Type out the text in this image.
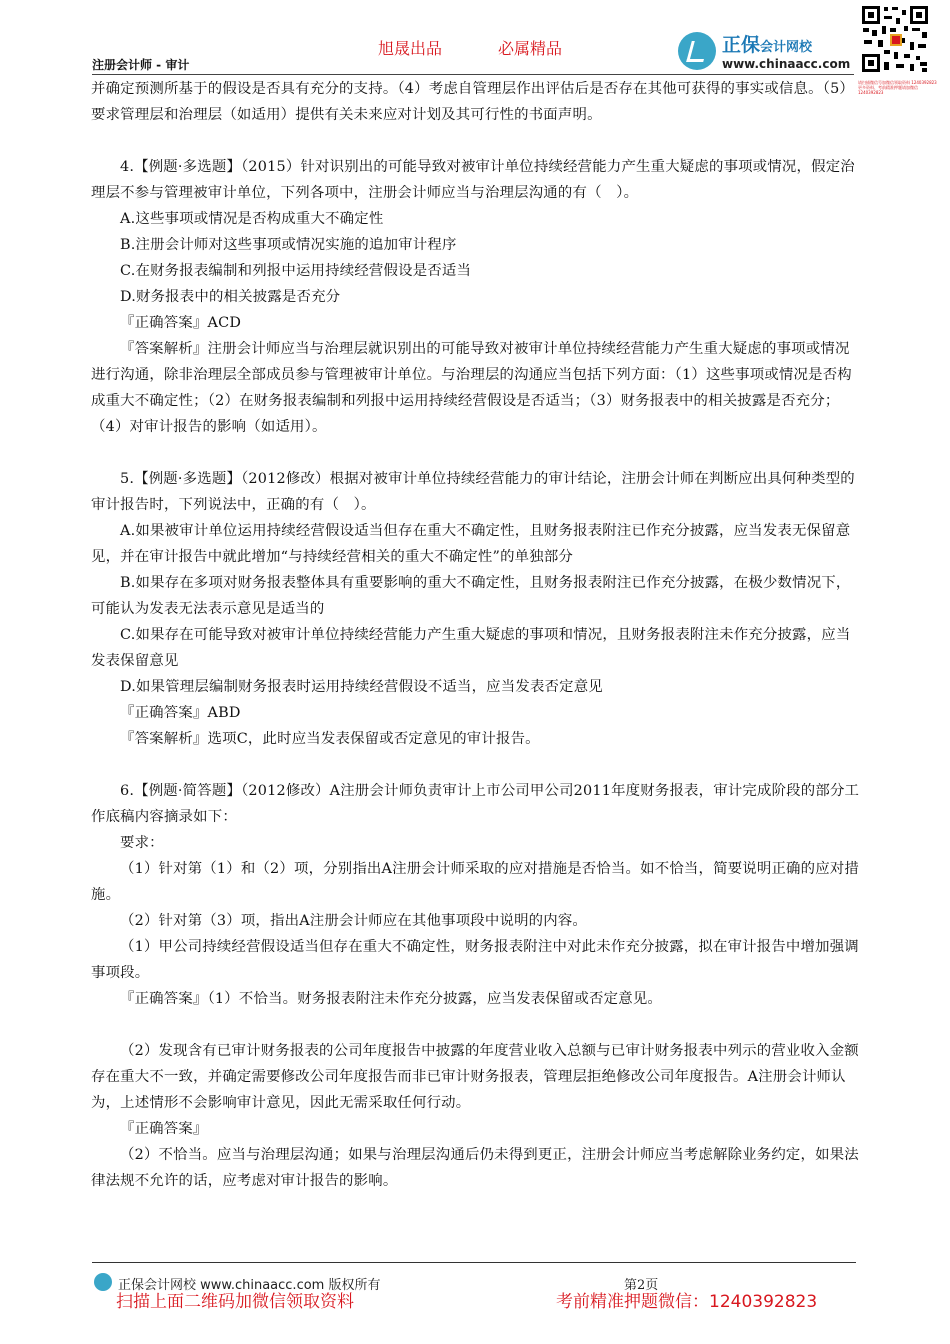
旭晟出品	必属精品
注册会计师 - 审计
正保会计网校
www.chinaacc.com
请扫描微信号加微信领取资料 1240392823 更多资料、考前精准押题请加微信 1240392823
并确定预测所基于的假设是否具有充分的支持。（4）考虑自管理层作出评估后是否存在其他可获得的事实或信息。（5）要求管理层和治理层（如适用）提供有关未来应对计划及其可行性的书面声明。
4.【例题·多选题】（2015）针对识别出的可能导致对被审计单位持续经营能力产生重大疑虑的事项或情况，假定治理层不参与管理被审计单位，下列各项中，注册会计师应当与治理层沟通的有（　）。
A.这些事项或情况是否构成重大不确定性
B.注册会计师对这些事项或情况实施的追加审计程序
C.在财务报表编制和列报中运用持续经营假设是否适当
D.财务报表中的相关披露是否充分
『正确答案』ACD
『答案解析』注册会计师应当与治理层就识别出的可能导致对被审计单位持续经营能力产生重大疑虑的事项或情况进行沟通，除非治理层全部成员参与管理被审计单位。与治理层的沟通应当包括下列方面：（1）这些事项或情况是否构成重大不确定性；（2）在财务报表编制和列报中运用持续经营假设是否适当；（3）财务报表中的相关披露是否充分；（4）对审计报告的影响（如适用）。
5.【例题·多选题】（2012修改）根据对被审计单位持续经营能力的审计结论，注册会计师在判断应出具何种类型的审计报告时，下列说法中，正确的有（　）。
A.如果被审计单位运用持续经营假设适当但存在重大不确定性，且财务报表附注已作充分披露，应当发表无保留意见，并在审计报告中就此增加“与持续经营相关的重大不确定性”的单独部分
B.如果存在多项对财务报表整体具有重要影响的重大不确定性，且财务报表附注已作充分披露，在极少数情况下，可能认为发表无法表示意见是适当的
C.如果存在可能导致对被审计单位持续经营能力产生重大疑虑的事项和情况，且财务报表附注未作充分披露，应当发表保留意见
D.如果管理层编制财务报表时运用持续经营假设不适当，应当发表否定意见
『正确答案』ABD
『答案解析』选项C，此时应当发表保留或否定意见的审计报告。
6.【例题·简答题】（2012修改）A注册会计师负责审计上市公司甲公司2011年度财务报表，审计完成阶段的部分工作底稿内容摘录如下：
要求：
（1）针对第（1）和（2）项，分别指出A注册会计师采取的应对措施是否恰当。如不恰当，简要说明正确的应对措施。
（2）针对第（3）项，指出A注册会计师应在其他事项段中说明的内容。
（1）甲公司持续经营假设适当但存在重大不确定性，财务报表附注中对此未作充分披露，拟在审计报告中增加强调事项段。
『正确答案』（1）不恰当。财务报表附注未作充分披露，应当发表保留或否定意见。
（2）发现含有已审计财务报表的公司年度报告中披露的年度营业收入总额与已审计财务报表中列示的营业收入金额存在重大不一致，并确定需要修改公司年度报告而非已审计财务报表，管理层拒绝修改公司年度报告。A注册会计师认为，上述情形不会影响审计意见，因此无需采取任何行动。
『正确答案』
（2）不恰当。应当与治理层沟通；如果与治理层沟通后仍未得到更正，注册会计师应当考虑解除业务约定，如果法律法规不允许的话，应考虑对审计报告的影响。
正保会计网校 www.chinaacc.com 版权所有	第2页
扫描上面二维码加微信领取资料	考前精准押题微信：1240392823
